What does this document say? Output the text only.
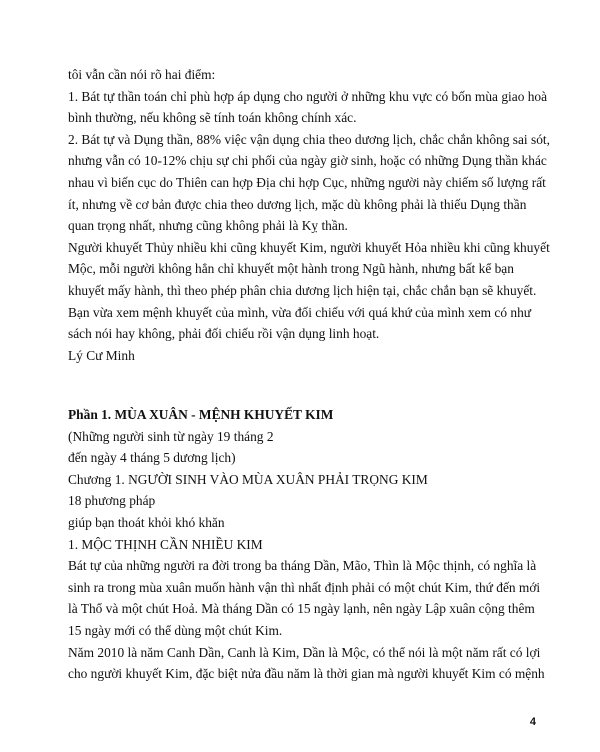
tôi vẫn cần nói rõ hai điểm:
1. Bát tự thần toán chỉ phù hợp áp dụng cho người ở những khu vực có bốn mùa giao hoà
bình thường, nếu không sẽ tính toán không chính xác.
2. Bát tự và Dụng thần, 88% việc vận dụng chia theo dương lịch, chắc chắn không sai sót,
nhưng vẫn có 10-12% chịu sự chi phối của ngày giờ sinh, hoặc có những Dụng thần khác
nhau vì biến cục do Thiên can hợp Địa chi hợp Cục, những người này chiếm số lượng rất
ít, nhưng về cơ bản được chia theo dương lịch, mặc dù không phải là thiếu Dụng thần
quan trọng nhất, nhưng cũng không phải là Kỵ thần.
Người khuyết Thủy nhiều khi cũng khuyết Kim, người khuyết Hỏa nhiều khi cũng khuyết
Mộc, mỗi người không hẳn chỉ khuyết một hành trong Ngũ hành, nhưng bất kể bạn
khuyết mấy hành, thì theo phép phân chia dương lịch hiện tại, chắc chắn bạn sẽ khuyết.
Bạn vừa xem mệnh khuyết của mình, vừa đối chiếu với quá khứ của mình xem có như
sách nói hay không, phải đối chiếu rồi vận dụng linh hoạt.
Lý Cư Minh
Phần 1. MÙA XUÂN - MỆNH KHUYẾT KIM
(Những người sinh từ ngày 19 tháng 2
đến ngày 4 tháng 5 dương lịch)
Chương 1. NGƯỜI SINH VÀO MÙA XUÂN PHẢI TRỌNG KIM
18 phương pháp
giúp bạn thoát khỏi khó khăn
1. MỘC THỊNH CẦN NHIỀU KIM
Bát tự của những người ra đời trong ba tháng Dần, Mão, Thìn là Mộc thịnh, có nghĩa là
sinh ra trong mùa xuân muốn hành vận thì nhất định phải có một chút Kim, thứ đến mới
là Thổ và một chút Hoả. Mà tháng Dần có 15 ngày lạnh, nên ngày Lập xuân cộng thêm
15 ngày mới có thể dùng một chút Kim.
Năm 2010 là năm Canh Dần, Canh là Kim, Dần là Mộc, có thể nói là một năm rất có lợi
cho người khuyết Kim, đặc biệt nửa đầu năm là thời gian mà người khuyết Kim có mệnh
4
